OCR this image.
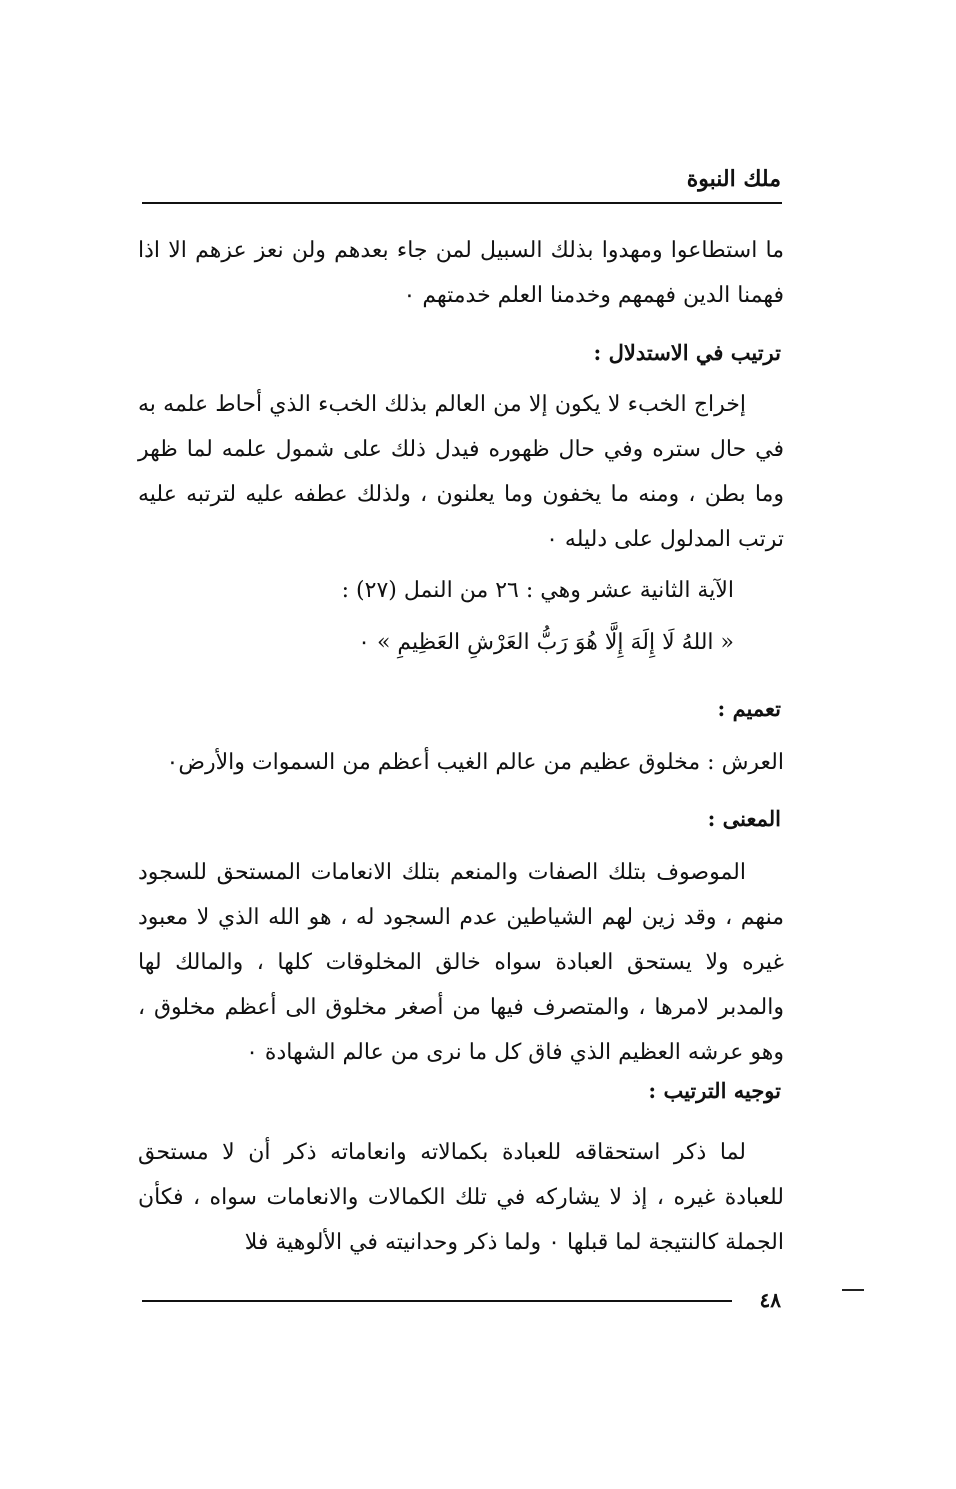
ملك النبوة

ما استطاعوا ومهدوا بذلك السبيل لمن جاء بعدهم ولن نعز عزهم الا اذا فهمنا الدين فهمهم وخدمنا العلم خدمتهم ٠

ترتيب في الاستدلال :

إخراج الخبء لا يكون إلا من العالم بذلك الخبء الذي أحاط علمه به في حال ستره وفي حال ظهوره فيدل ذلك على شمول علمه لما ظهر وما بطن ، ومنه ما يخفون وما يعلنون ، ولذلك عطفه عليه لترتبه عليه ترتب المدلول على دليله ٠

الآية الثانية عشر وهي : ٢٦ من النمل (٢٧) :
« اللهُ لَا إِلَهَ إِلَّا هُوَ رَبُّ العَرْشِ العَظِيمِ » ٠
تعميم :

العرش : مخلوق عظيم من عالم الغيب أعظم من السموات والأرض٠

المعنى :

الموصوف بتلك الصفات والمنعم بتلك الانعامات المستحق للسجود منهم ، وقد زين لهم الشياطين عدم السجود له ، هو الله الذي لا معبود غيره ولا يستحق العبادة سواه خالق المخلوقات كلها ، والمالك لها والمدبر لامرها ، والمتصرف فيها من أصغر مخلوق الى أعظم مخلوق ، وهو عرشه العظيم الذي فاق كل ما نرى من عالم الشهادة ٠

توجيه الترتيب :

لما ذكر استحقاقه للعبادة بكمالاته وانعاماته ذكر أن لا مستحق للعبادة غيره ، إذ لا يشاركه في تلك الكمالات والانعامات سواه ، فكأن الجملة كالنتيجة لما قبلها ٠ ولما ذكر وحدانيته في الألوهية فلا

٤٨
